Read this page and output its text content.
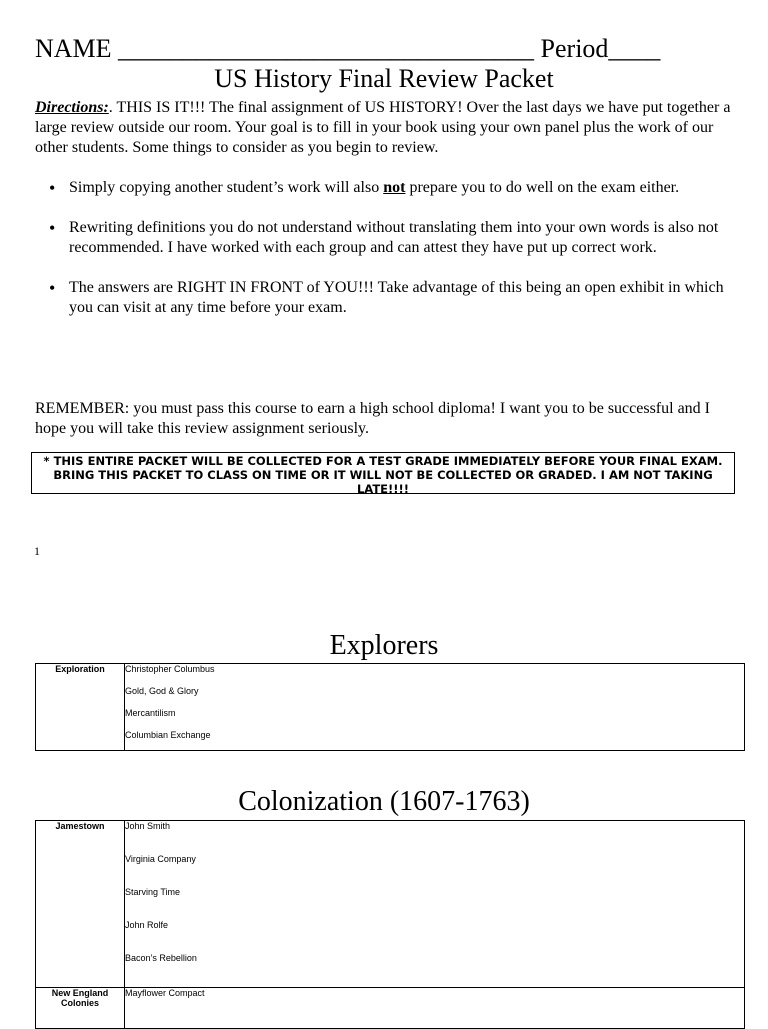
NAME ________________________________ Period____
US History Final Review Packet
Directions:. THIS IS IT!!! The final assignment of US HISTORY! Over the last days we have put together a large review outside our room. Your goal is to fill in your book using your own panel plus the work of our other students. Some things to consider as you begin to review.
• Simply copying another student’s work will also not prepare you to do well on the exam either.
• Rewriting definitions you do not understand without translating them into your own words is also not recommended. I have worked with each group and can attest they have put up correct work.
• The answers are RIGHT IN FRONT of YOU!!! Take advantage of this being an open exhibit in which you can visit at any time before your exam.
REMEMBER: you must pass this course to earn a high school diploma! I want you to be successful and I hope you will take this review assignment seriously.
* THIS ENTIRE PACKET WILL BE COLLECTED FOR A TEST GRADE IMMEDIATELY BEFORE YOUR FINAL EXAM. BRING THIS PACKET TO CLASS ON TIME OR IT WILL NOT BE COLLECTED OR GRADED. I AM NOT TAKING LATE!!!!
1
Explorers
Exploration	Christopher Columbus
Gold, God & Glory
Mercantilism
Columbian Exchange
Colonization (1607-1763)
Jamestown	John Smith
Virginia Company
Starving Time
John Rolfe
Bacon’s Rebellion

New England Colonies	Mayflower Compact
